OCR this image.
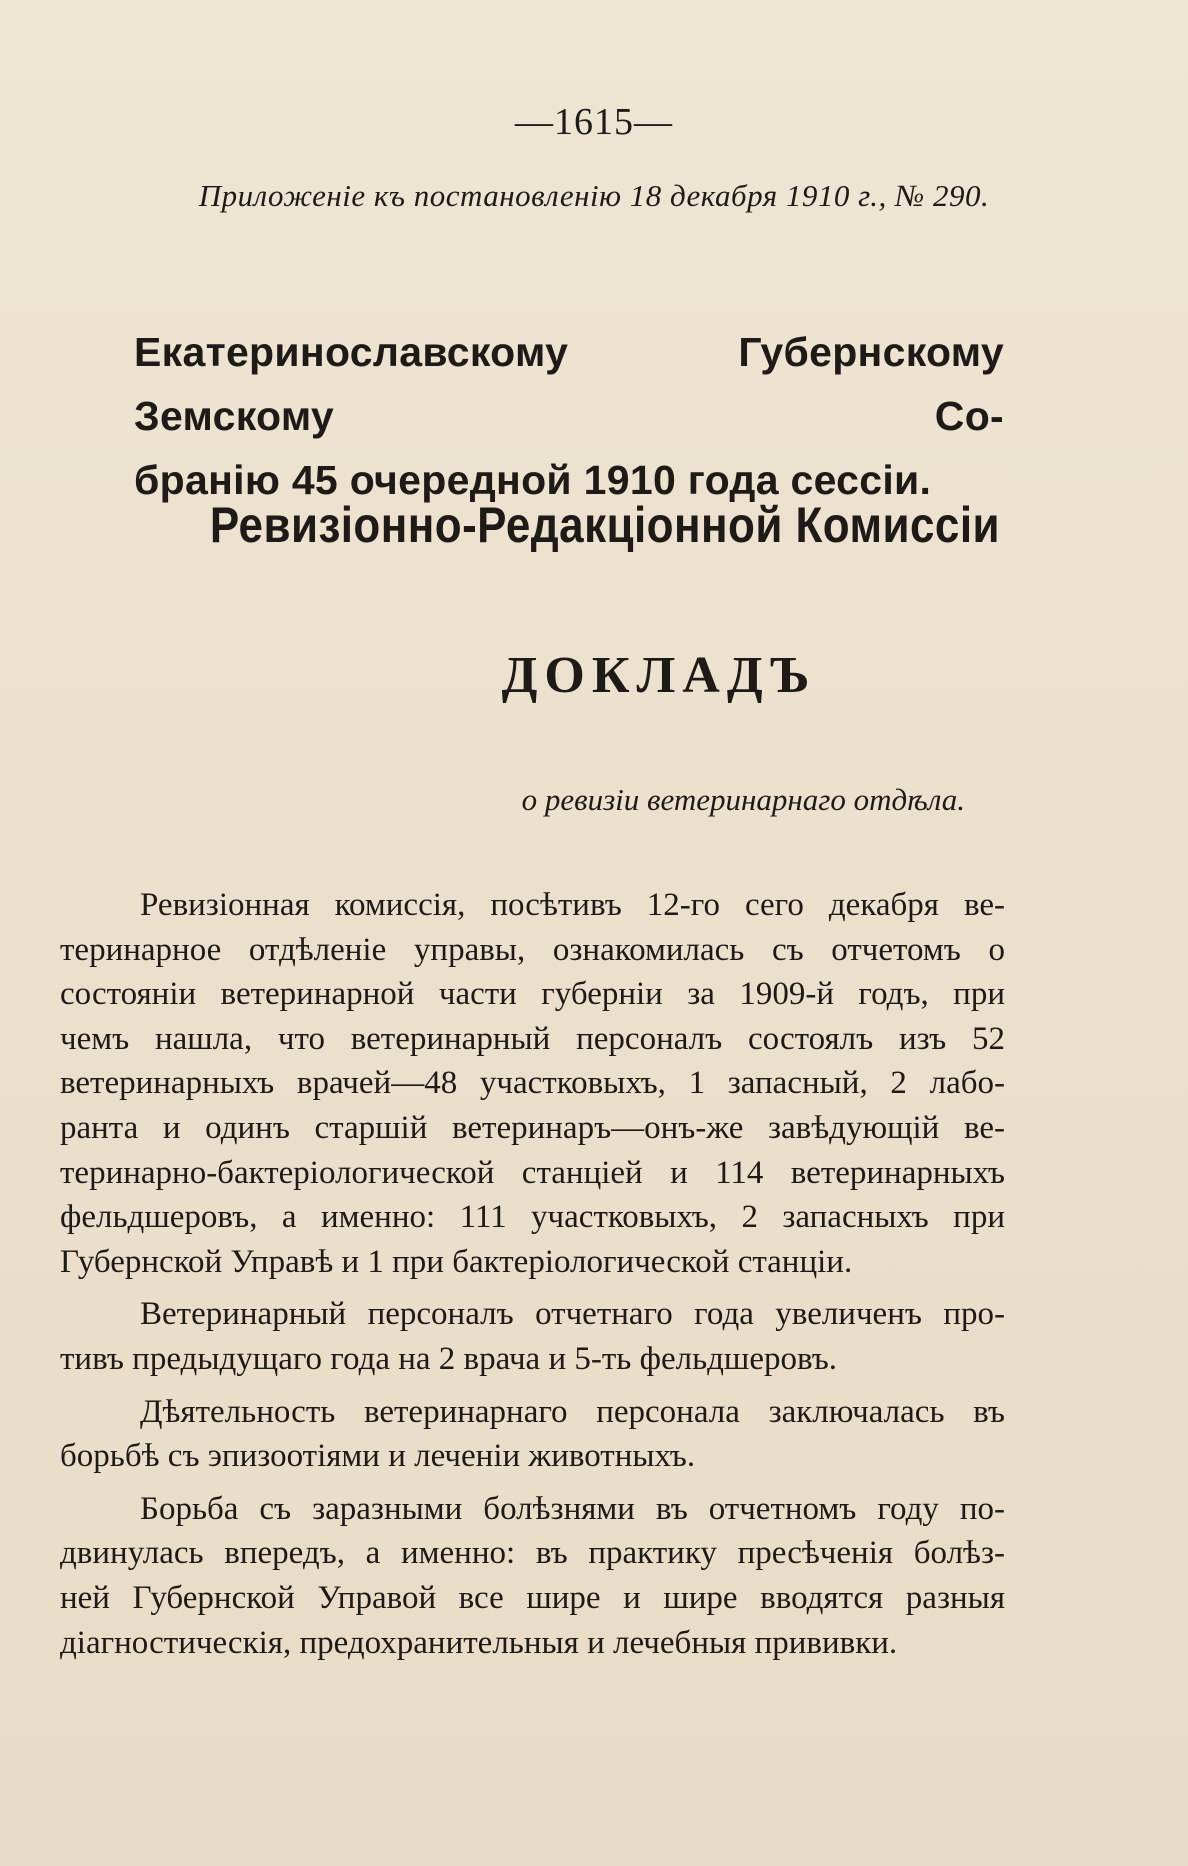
—1615—
Приложеніе къ постановленію 18 декабря 1910 г., № 290.
Екатеринославскому Губернскому Земскому Со-
бранію 45 очередной 1910 года сессіи.
Ревизіонно-Редакціонной Комиссіи
ДОКЛАДЪ
о ревизіи ветеринарнаго отдѣла.

Ревизіонная комиссія, посѣтивъ 12-го сего декабря ве-
теринарное отдѣленіе управы, ознакомилась съ отчетомъ о
состояніи ветеринарной части губерніи за 1909-й годъ, при
чемъ нашла, что ветеринарный персоналъ состоялъ изъ 52
ветеринарныхъ врачей—48 участковыхъ, 1 запасный, 2 лабо-
ранта и одинъ старшій ветеринаръ—онъ-же завѣдующій ве-
теринарно-бактеріологической станціей и 114 ветеринарныхъ
фельдшеровъ, а именно: 111 участковыхъ, 2 запасныхъ при
Губернской Управѣ и 1 при бактеріологической станціи.

Ветеринарный персоналъ отчетнаго года увеличенъ про-
тивъ предыдущаго года на 2 врача и 5-ть фельдшеровъ.

Дѣятельность ветеринарнаго персонала заключалась въ
борьбѣ съ эпизоотіями и леченіи животныхъ.

Борьба съ заразными болѣзнями въ отчетномъ году по-
двинулась впередъ, а именно: въ практику пресѣченія болѣз-
ней Губернской Управой все шире и шире вводятся разныя
діагностическія, предохранительныя и лечебныя прививки.
